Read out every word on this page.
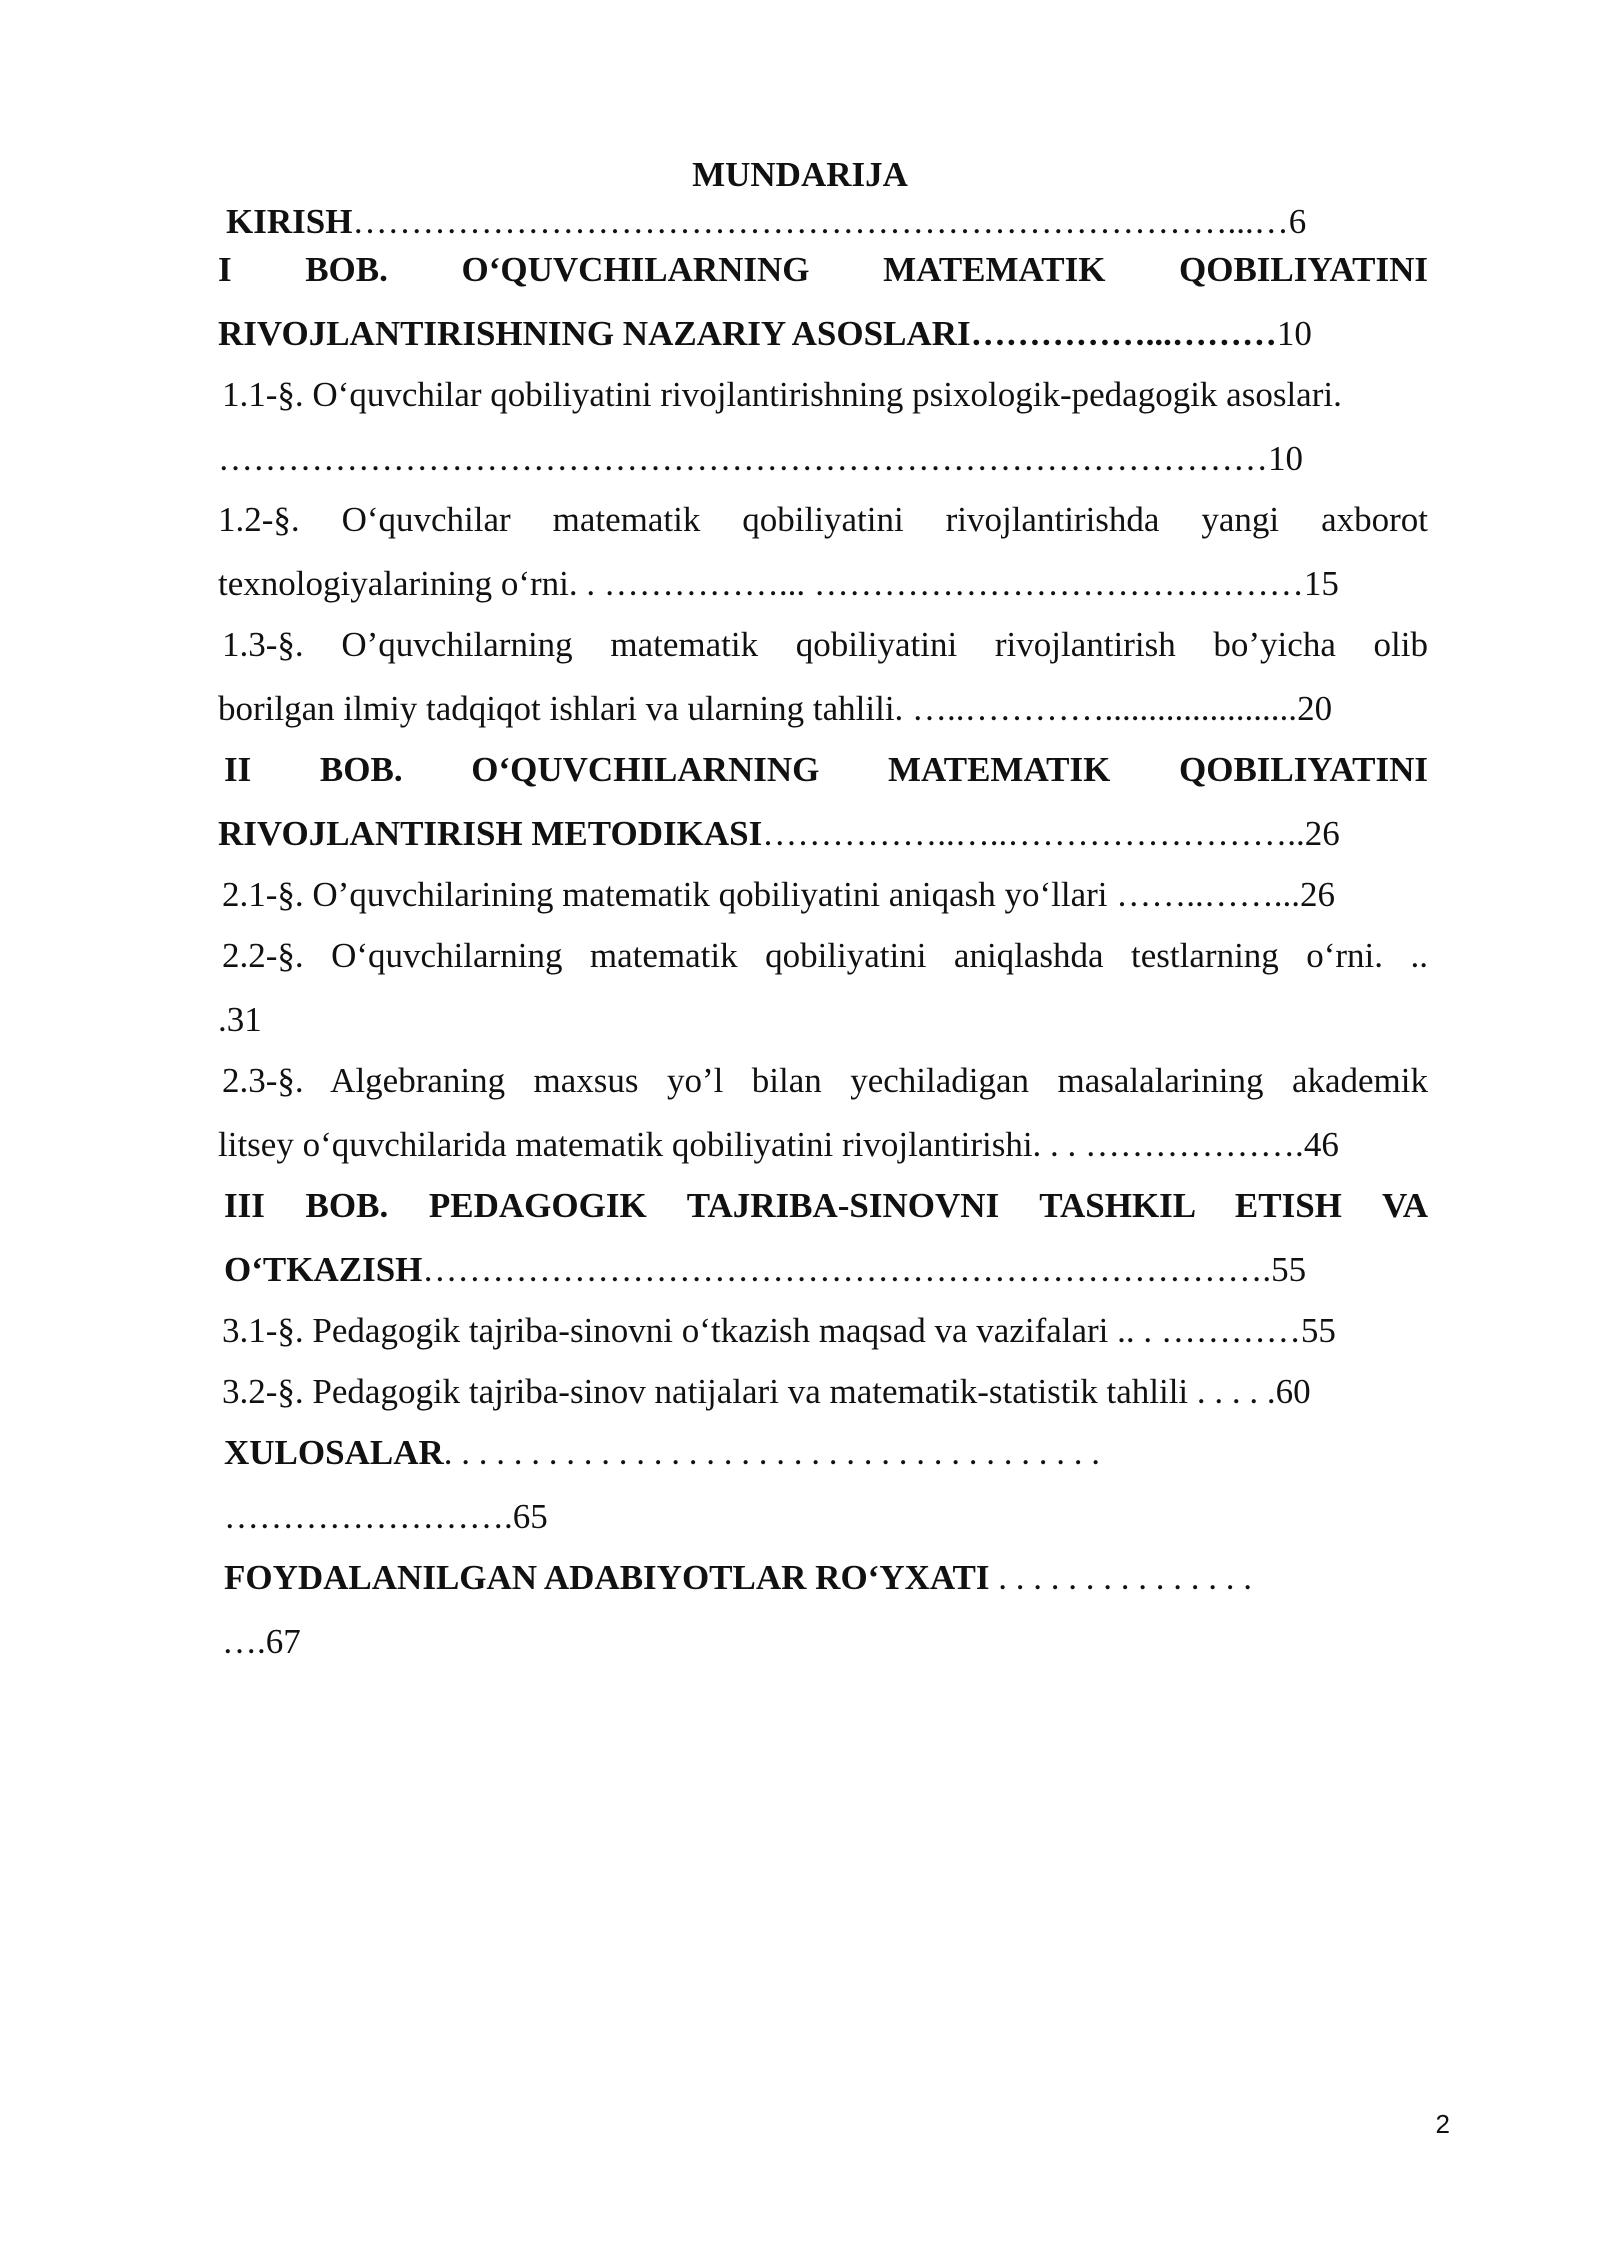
MUNDARIJA
KIRISH…………………………………………………………………...…6
I BOB. O‘QUVCHILARNING MATEMATIK QOBILIYATINI
RIVOJLANTIRISHNING NAZARIY ASOSLARI……………...………10
1.1-§. O‘quvchilar qobiliyatini rivojlantirishning psixologik-pedagogik asoslari.
………………………………………………………………………………10
1.2-§. O‘quvchilar matematik qobiliyatini rivojlantirishda yangi axborot
texnologiyalarining o‘rni. . ……………... ……………………………………15
1.3-§. O’quvchilarning matematik qobiliyatini rivojlantirish bo’yicha olib
borilgan ilmiy tadqiqot ishlari va ularning tahlili. …..…………......................20
II BOB. O‘QUVCHILARNING MATEMATIK QOBILIYATINI
RIVOJLANTIRISH METODIKASI……………..…..……………………..26
2.1-§. O’quvchilarining matematik qobiliyatini aniqash yo‘llari ……..……...26
2.2-§. O‘quvchilarning matematik qobiliyatini aniqlashda testlarning o‘rni. ..
.31
2.3-§. Algebraning maxsus yo’l bilan yechiladigan masalalarining akademik
litsey o‘quvchilarida matematik qobiliyatini rivojlantirishi. . . ……………….46
III BOB. PEDAGOGIK TAJRIBA-SINOVNI TASHKIL ETISH VA
O‘TKAZISH……………………………………………………………….55
3.1-§. Pedagogik tajriba-sinovni o‘tkazish maqsad va vazifalari .. . …………55
3.2-§. Pedagogik tajriba-sinov natijalari va matematik-statistik tahlili . . . . .60
XULOSALAR. . . . . . . . . . . . . . . . . . . . . . . . . . . . . . . . . . . . . .
…………………….65
FOYDALANILGAN ADABIYOTLAR RO‘YXATI . . . . . . . . . . . . . . .
….67
2
